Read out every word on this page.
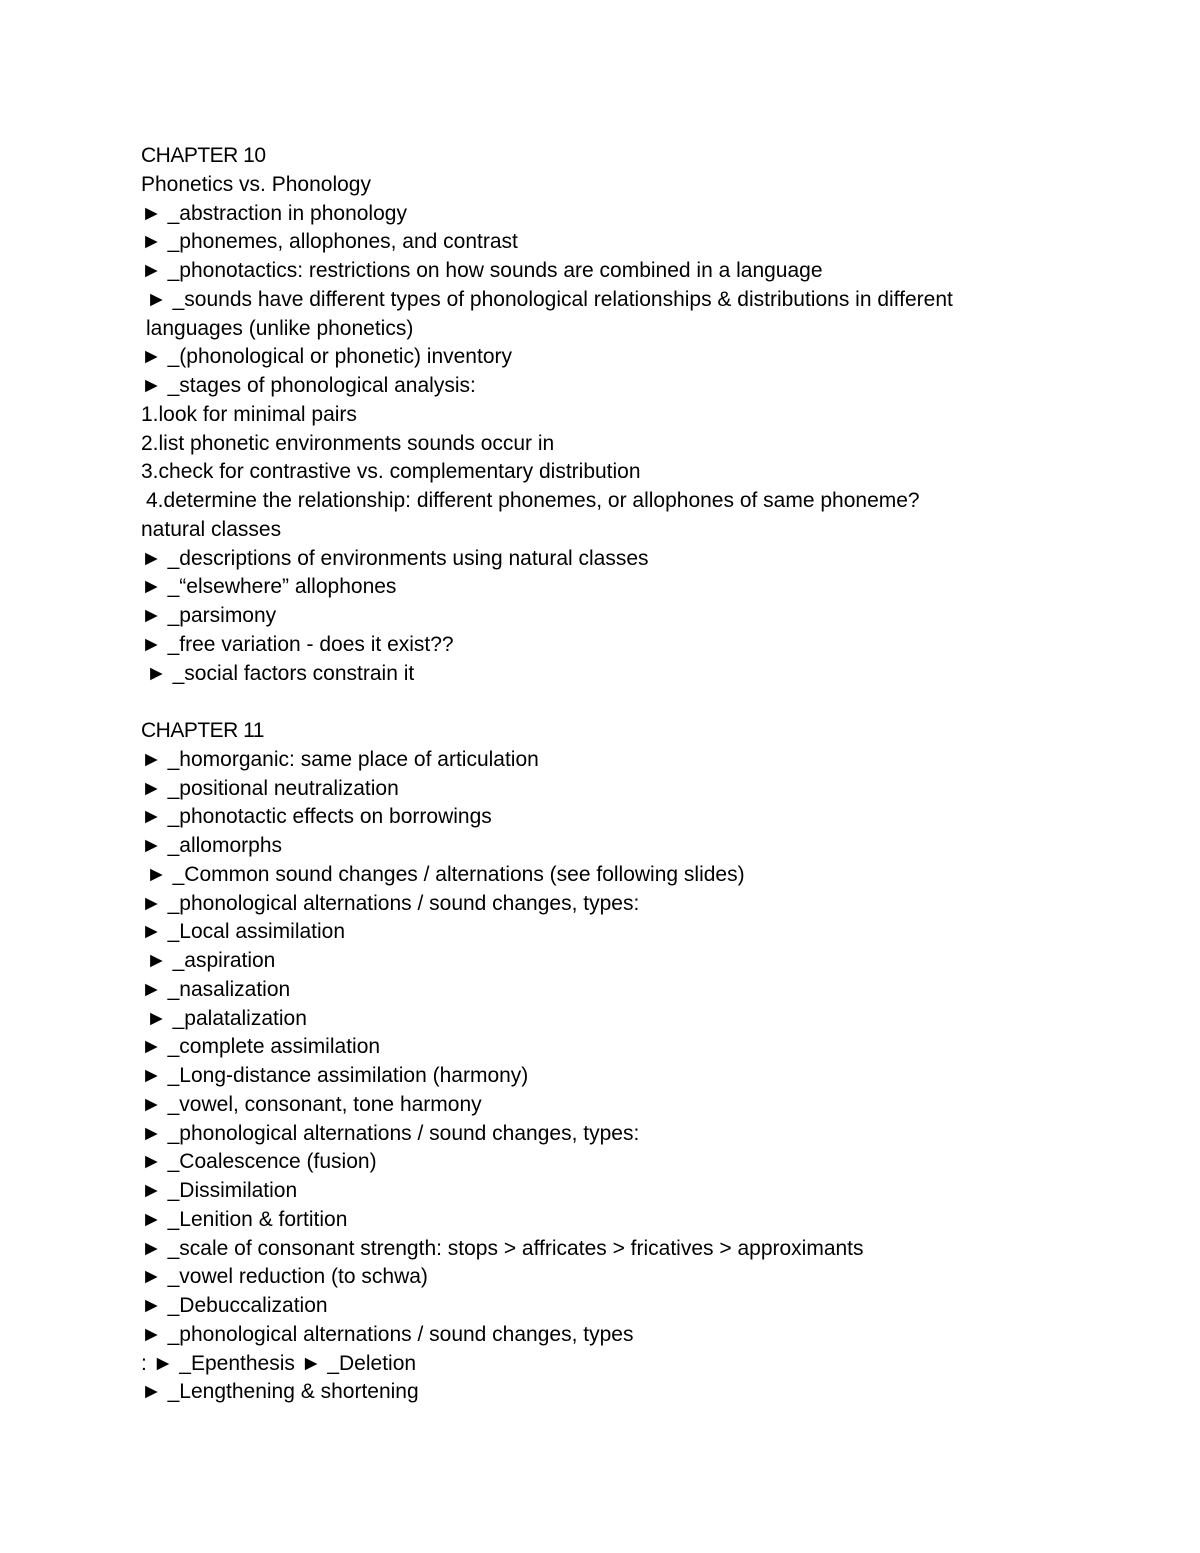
CHAPTER 10
Phonetics vs. Phonology
► _abstraction in phonology
► _phonemes, allophones, and contrast
► _phonotactics: restrictions on how sounds are combined in a language
► _sounds have different types of phonological relationships & distributions in different languages (unlike phonetics)
► _(phonological or phonetic) inventory
► _stages of phonological analysis:
1.look for minimal pairs
2.list phonetic environments sounds occur in
3.check for contrastive vs. complementary distribution
4.determine the relationship: different phonemes, or allophones of same phoneme?
natural classes
► _descriptions of environments using natural classes
► _“elsewhere” allophones
► _parsimony
► _free variation - does it exist??
► _social factors constrain it
CHAPTER 11
► _homorganic: same place of articulation
► _positional neutralization
► _phonotactic effects on borrowings
► _allomorphs
► _Common sound changes / alternations (see following slides)
► _phonological alternations / sound changes, types:
► _Local assimilation
► _aspiration
► _nasalization
► _palatalization
► _complete assimilation
► _Long-distance assimilation (harmony)
► _vowel, consonant, tone harmony
► _phonological alternations / sound changes, types:
► _Coalescence (fusion)
► _Dissimilation
► _Lenition & fortition
► _scale of consonant strength: stops > affricates > fricatives > approximants
► _vowel reduction (to schwa)
► _Debuccalization
► _phonological alternations / sound changes, types
: ► _Epenthesis ► _Deletion
► _Lengthening & shortening
